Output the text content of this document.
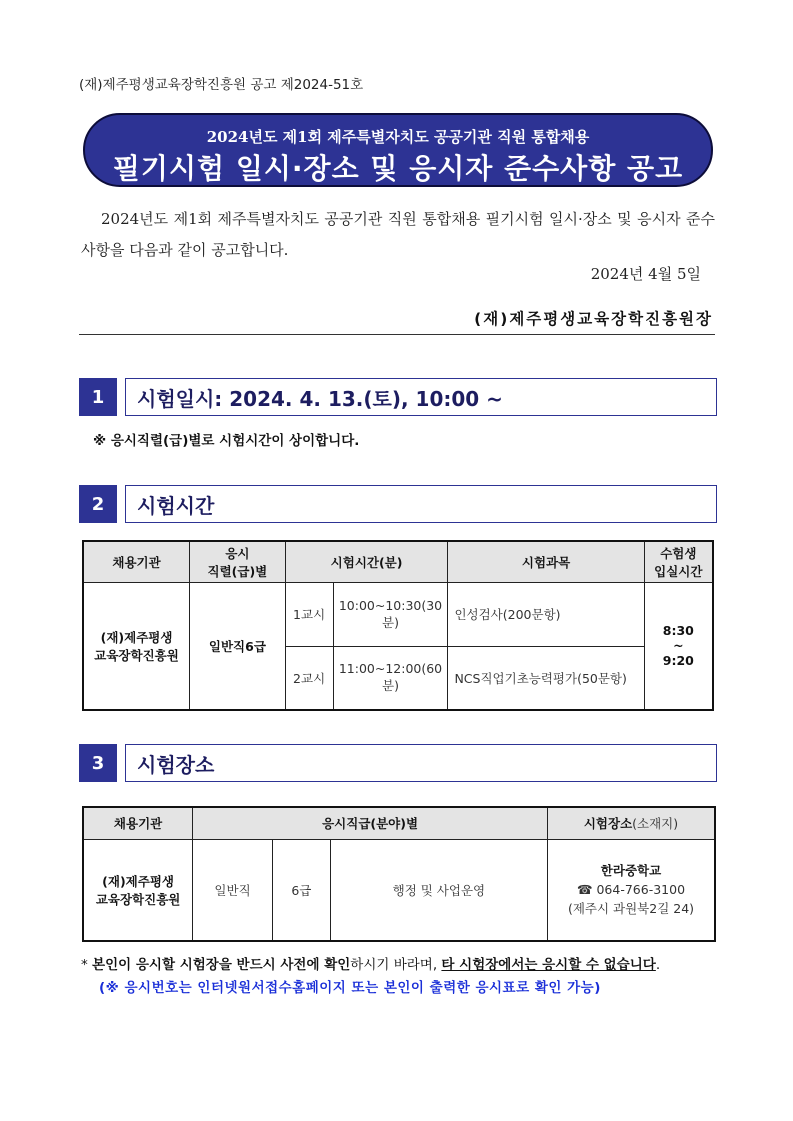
(재)제주평생교육장학진흥원 공고 제2024-51호
2024년도 제1회 제주특별자치도 공공기관 직원 통합채용
필기시험 일시·장소 및 응시자 준수사항 공고
2024년도 제1회 제주특별자치도 공공기관 직원 통합채용 필기시험 일시·장소 및 응시자 준수사항을 다음과 같이 공고합니다.
2024년 4월 5일
(재)제주평생교육장학진흥원장
1	시험일시: 2024. 4. 13.(토), 10:00 ~
※ 응시직렬(급)별로 시험시간이 상이합니다.
2	시험시간
채용기관	응시
직렬(급)별	시험시간(분)		시험과목	수험생
입실시간
(재)제주평생
교육장학진흥원	일반직6급	1교시	10:00~10:30(30분)	인성검사(200문항)	8:30
~
9:20
		2교시	11:00~12:00(60분)	NCS직업기초능력평가(50문항)	
3	시험장소
채용기관	응시직급(분야)별			시험장소(소재지)
(재)제주평생
교육장학진흥원	일반직	6급	행정 및 사업운영	한라중학교
☎ 064-766-3100
(제주시 과원북2길 24)
* 본인이 응시할 시험장을 반드시 사전에 확인하시기 바라며, 타 시험장에서는 응시할 수 없습니다.
(※ 응시번호는 인터넷원서접수홈페이지 또는 본인이 출력한 응시표로 확인 가능)
